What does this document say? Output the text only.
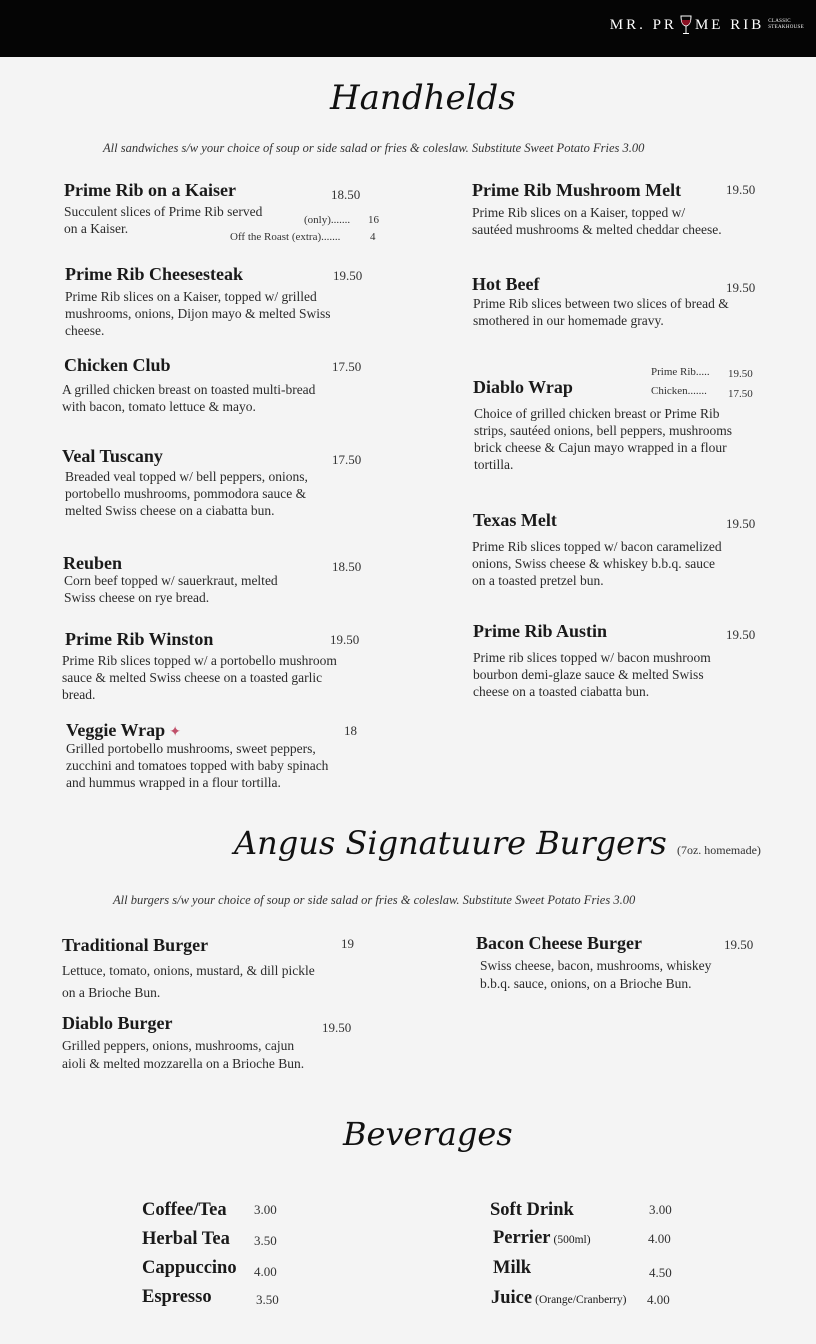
MR. PR ME RIB CLASSIC
STEAKHOUSE
Handhelds
All sandwiches s/w your choice of soup or side salad or fries & coleslaw. Substitute Sweet Potato Fries 3.00
Prime Rib on a Kaiser	18.50
Succulent slices of Prime Rib served on a Kaiser.
(only)....... 16
Off the Roast (extra).......	4
Prime Rib Cheesesteak	19.50
Prime Rib slices on a Kaiser, topped w/ grilled mushrooms, onions, Dijon mayo & melted Swiss cheese.
Chicken Club	17.50
A grilled chicken breast on toasted multi-bread with bacon, tomato lettuce & mayo.
Veal Tuscany	17.50
Breaded veal topped w/ bell peppers, onions, portobello mushrooms, pommodora sauce & melted Swiss cheese on a ciabatta bun.
Reuben	18.50
Corn beef topped w/ sauerkraut, melted Swiss cheese on rye bread.
Prime Rib Winston	19.50
Prime Rib slices topped w/ a portobello mushroom sauce & melted Swiss cheese on a toasted garlic bread.
Veggie Wrap ✦	18
Grilled portobello mushrooms, sweet peppers, zucchini and tomatoes topped with baby spinach and hummus wrapped in a flour tortilla.
Prime Rib Mushroom Melt	19.50
Prime Rib slices on a Kaiser, topped w/ sautéed mushrooms & melted cheddar cheese.
Hot Beef	19.50
Prime Rib slices between two slices of bread & smothered in our homemade gravy.
Prime Rib..... 19.50
Chicken....... 17.50
Diablo Wrap
Choice of grilled chicken breast or Prime Rib strips, sautéed onions, bell peppers, mushrooms brick cheese & Cajun mayo wrapped in a flour tortilla.
Texas Melt	19.50
Prime Rib slices topped w/ bacon caramelized onions, Swiss cheese & whiskey b.b.q. sauce on a toasted pretzel bun.
Prime Rib Austin	19.50
Prime rib slices topped w/ bacon mushroom bourbon demi-glaze sauce & melted Swiss cheese on a toasted ciabatta bun.
Angus Signatuure Burgers (7oz. homemade)
All burgers s/w your choice of soup or side salad or fries & coleslaw. Substitute Sweet Potato Fries 3.00
Traditional Burger	19
Lettuce, tomato, onions, mustard, & dill pickle on a Brioche Bun.
Diablo Burger	19.50
Grilled peppers, onions, mushrooms, cajun aioli & melted mozzarella on a Brioche Bun.
Bacon Cheese Burger	19.50
Swiss cheese, bacon, mushrooms, whiskey b.b.q. sauce, onions, on a Brioche Bun.
Beverages
Coffee/Tea 3.00
Herbal Tea 3.50
Cappuccino 4.00
Espresso	3.50
Soft Drink	3.00
Perrier (500ml)	4.00
Milk	4.50
Juice (Orange/Cranberry) 4.00
